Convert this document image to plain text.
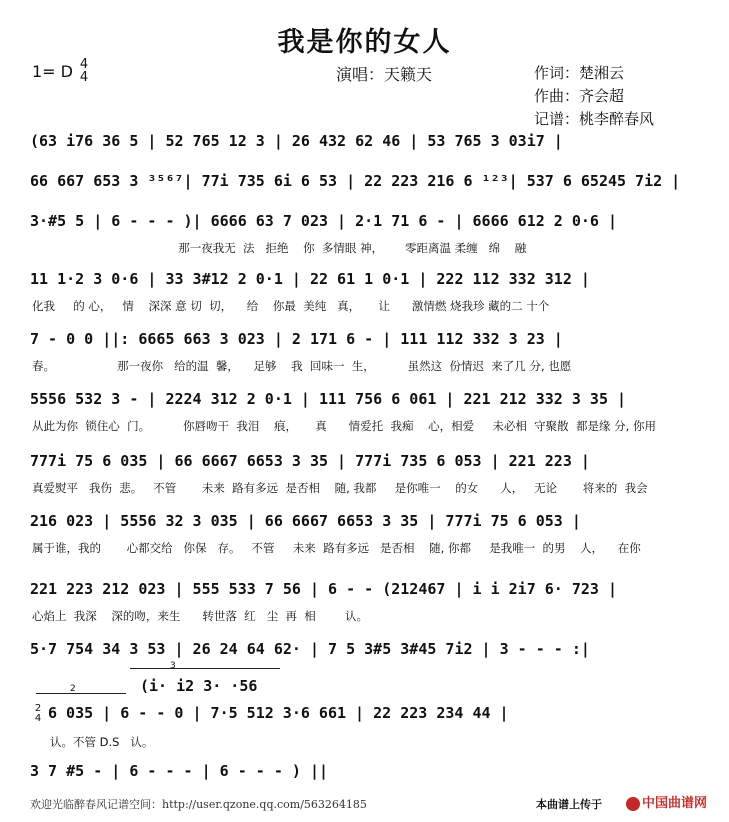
我是你的女人
1= D 4
4	演唱：天籁天	作词：楚湘云
作曲：齐会超
记谱：桃李醉春风
(63 i76 36 5 | 52 765 12 3 | 26 432 62 46 | 53 765 3 03i7 |
66 667 653 3 ³⁵⁶⁷| 77i 735 6i 6 53 | 22 223 216 6 ¹²³| 537 6 65245 7i2 |
3·#5 5 | 6 - - - )| 6666 63 7 023 | 2·1 71 6 - | 6666 612 2 0·6 |
那一夜我无  法   拒绝    你  多情眼 神，      零距离温 柔缠   绵    融
11 1·2 3 0·6 | 33 3#12 2 0·1 | 22 61 1 0·1 | 222 112 332 312 |
化我     的 心，   情    深深 意 切  切，    给    你最  美纯   真，     让      激情燃 烧我珍 藏的二 十个
7 - 0 0 ||: 6665 663 3 023 | 2 171 6 - | 111 112 332 3 23 |
春。                 那一夜你   给的温  馨，    足够    我  回味一  生，         虽然这  份情迟  来了几 分, 也愿
5556 532 3 - | 2224 312 2 0·1 | 111 756 6 061 | 221 212 332 3 35 |
从此为你  锁住心  门。         你唇吻干  我泪    痕，     真      情爱托  我痴    心，相爱     未必相  守聚散  都是缘 分, 你用
777i 75 6 035 | 66 6667 6653 3 35 | 777i 735 6 053 | 221 223 |
真爱熨平   我伤  悲。   不管       未来  路有多远  是否相    随, 我都     是你唯一    的女      人，   无论       将来的  我会
216 023 | 5556 32 3 035 | 66 6667 6653 3 35 | 777i 75 6 053 |
属于谁，我的       心都交给   你保   存。   不管     未来  路有多远   是否相    随, 你都     是我唯一  的男    人，    在你
221 223 212 023 | 555 533 7 56 | 6 - - (212467 | i i 2i7 6· 723 |
心焰上  我深    深的吻，来生      转世落  红   尘  再  相        认。
5·7 754 34 3 53 | 26 24 64 62· | 7 5 3#5 3#45 7i2 | 3 - - - :|
3
(i· i2 3· ·56
2
2
4 6 035 | 6 - - 0 | 7·5 512 3·6 661 | 22 223 234 44 |
认。不管 D.S   认。
3 7 #5 - | 6 - - - | 6 - - - ) ||
欢迎光临醉春风记谱空间：http://user.qzone.qq.com/563264185	本曲谱上传于	中国曲谱网
